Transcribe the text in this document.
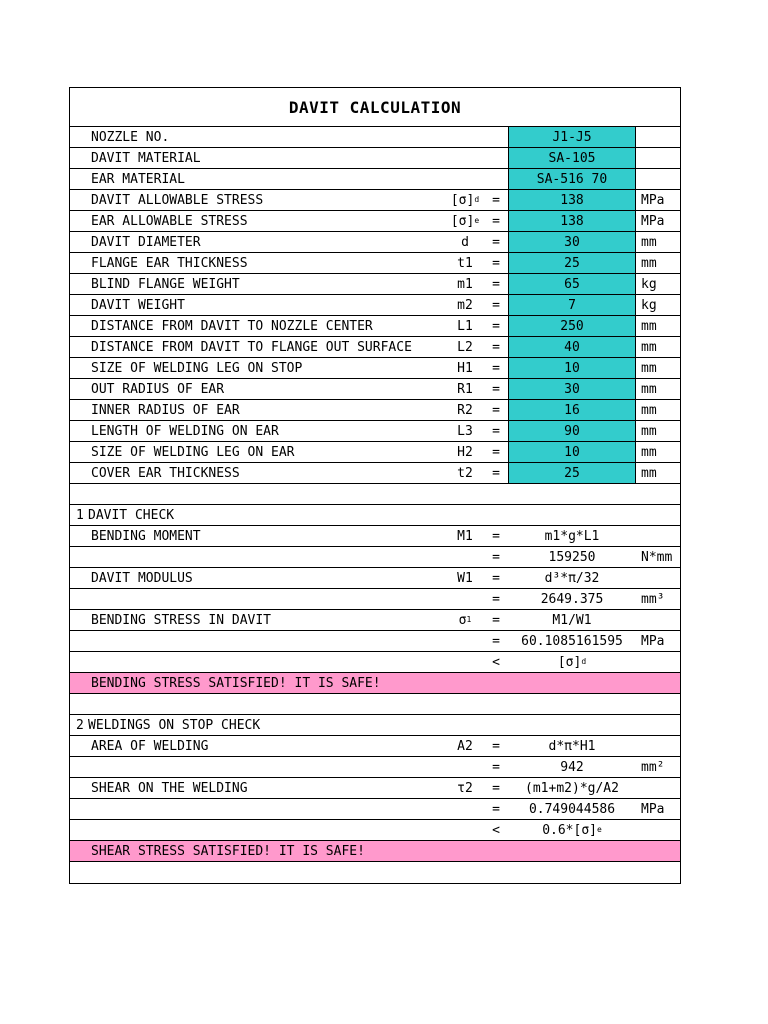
DAVIT CALCULATION
NOZZLE NO.	J1-J5
DAVIT MATERIAL	SA-105
EAR MATERIAL	SA-516 70
DAVIT ALLOWABLE STRESS	[σ] d =	138	MPa
EAR ALLOWABLE STRESS	[σ] e =	138	MPa
DAVIT DIAMETER	d =	30	mm
FLANGE EAR THICKNESS	t1 =	25	mm
BLIND FLANGE WEIGHT	m1 =	65	kg
DAVIT WEIGHT	m2 =	7	kg
DISTANCE FROM DAVIT TO NOZZLE CENTER	L1 =	250	mm
DISTANCE FROM DAVIT TO FLANGE OUT SURFACE	L2 =	40	mm
SIZE OF WELDING LEG ON STOP	H1 =	10	mm
OUT RADIUS OF EAR	R1 =	30	mm
INNER RADIUS OF EAR	R2 =	16	mm
LENGTH OF WELDING ON EAR	L3 =	90	mm
SIZE OF WELDING LEG ON EAR	H2 =	10	mm
COVER EAR THICKNESS	t2 =	25	mm
1 DAVIT CHECK
BENDING MOMENT	M1 =	m1*g*L1
=	159250	N*mm
DAVIT MODULUS	W1 =	d³*π/32
=	2649.375	mm³
BENDING STRESS IN DAVIT	σ 1 =	M1/W1
= 60.1085161595 MPa
<	[σ] d
BENDING STRESS SATISFIED! IT IS SAFE!
2 WELDINGS ON STOP CHECK
AREA OF WELDING	A2 =	d*π*H1
=	942	mm²
SHEAR ON THE WELDING	τ2 = (m1+m2)*g/A2
= 0.749044586 MPa
<	0.6*[σ] e
SHEAR STRESS SATISFIED! IT IS SAFE!
